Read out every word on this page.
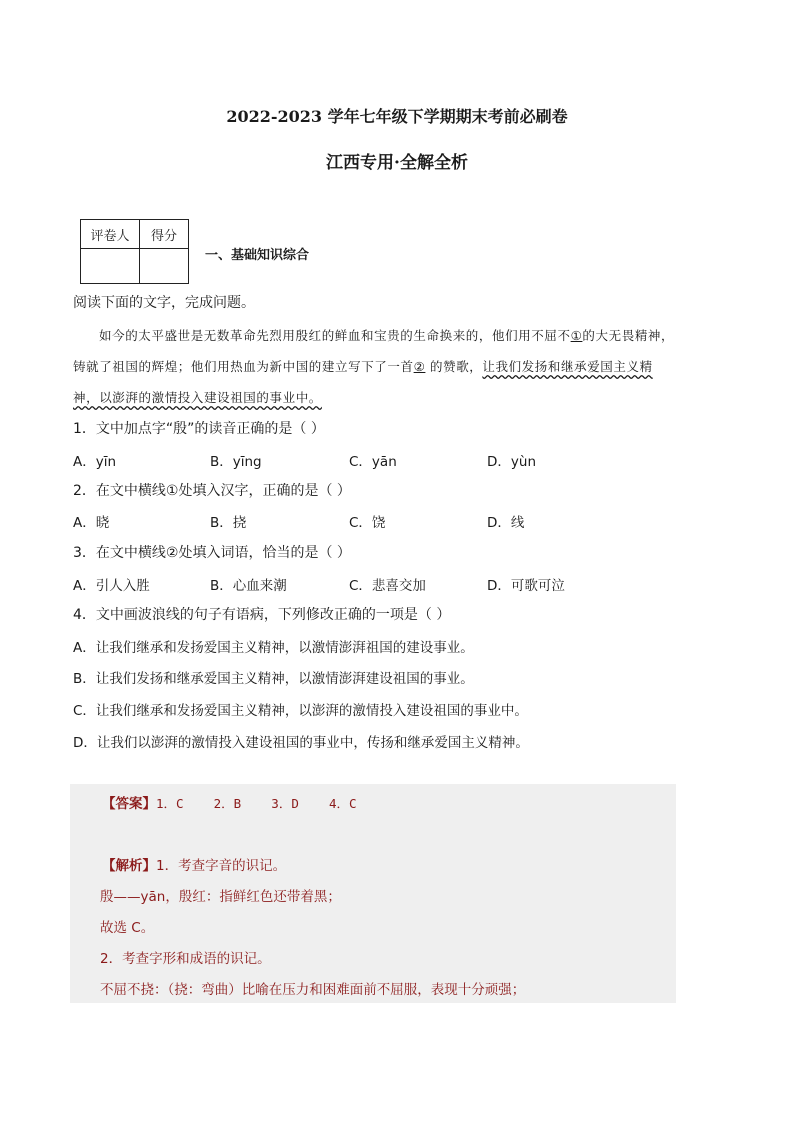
2022-2023 学年七年级下学期期末考前必刷卷
江西专用·全解全析
评卷人	得分

一、基础知识综合
阅读下面的文字，完成问题。
如今的太平盛世是无数革命先烈用殷红的鲜血和宝贵的生命换来的，他们用不屈不①的大无畏精神，铸就了祖国的辉煌；他们用热血为新中国的建立写下了一首② 的赞歌，让我们发扬和继承爱国主义精神，以澎湃的激情投入建设祖国的事业中。
1．文中加点字“殷”的读音正确的是（ ）
A．yīn	B．yīng	C．yān	D．yùn
2．在文中横线①处填入汉字，正确的是（ ）
A．晓	B．挠	C．饶	D．线
3．在文中横线②处填入词语，恰当的是（ ）
A．引人入胜	B．心血来潮	C．悲喜交加	D．可歌可泣
4．文中画波浪线的句子有语病，下列修改正确的一项是（ ）
A．让我们继承和发扬爱国主义精神，以激情澎湃祖国的建设事业。
B．让我们发扬和继承爱国主义精神，以激情澎湃建设祖国的事业。
C．让我们继承和发扬爱国主义精神，以澎湃的激情投入建设祖国的事业中。
D．让我们以澎湃的激情投入建设祖国的事业中，传扬和继承爱国主义精神。
【答案】1．C    2．B    3．D    4．C
【解析】1．考查字音的识记。
殷——yān，殷红：指鲜红色还带着黑；
故选 C。
2．考查字形和成语的识记。
不屈不挠：（挠：弯曲）比喻在压力和困难面前不屈服，表现十分顽强；
